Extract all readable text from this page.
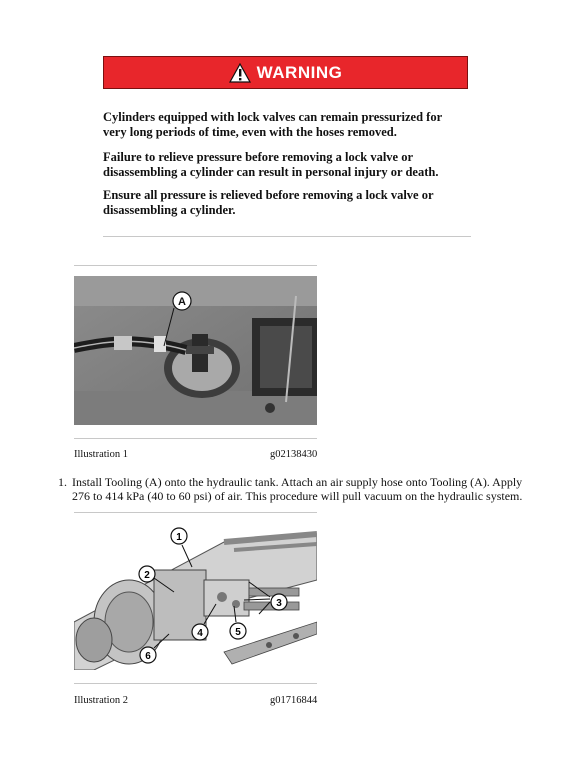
WARNING

Cylinders equipped with lock valves can remain pressurized for very long periods of time, even with the hoses removed.

Failure to relieve pressure before removing a lock valve or disassembling a cylinder can result in personal injury or death.

Ensure all pressure is relieved before removing a lock valve or disassembling a cylinder.

A
Illustration 1	g02138430
1. Install Tooling (A) onto the hydraulic tank. Attach an air supply hose onto Tooling (A). Apply 276 to 414 kPa (40 to 60 psi) of air. This procedure will pull vacuum on the hydraulic system.
1
2
3
4	5
6
Illustration 2	g01716844
